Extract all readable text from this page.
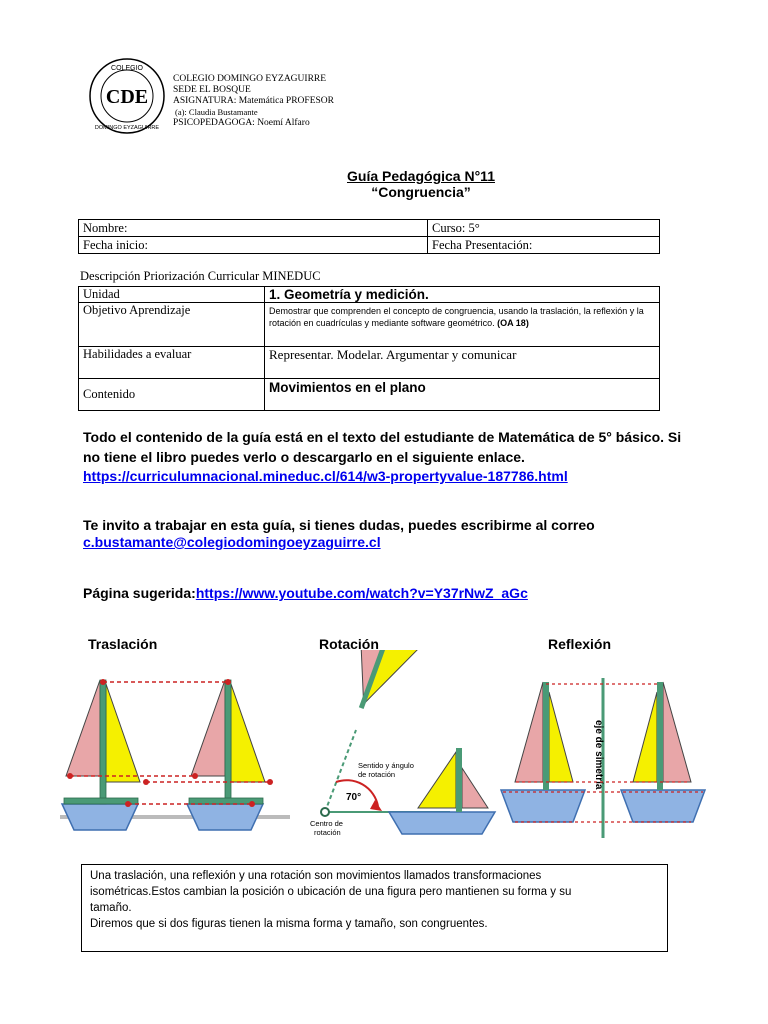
COLEGIO
CDE
DOMINGO EYZAGUIRRE
COLEGIO DOMINGO EYZAGUIRRE
SEDE EL BOSQUE
ASIGNATURA: Matemática PROFESOR
(a): Claudia Bustamante
PSICOPEDAGOGA: Noemí Alfaro
Guía Pedagógica N°11
“Congruencia”
Nombre:	Curso: 5°
Fecha inicio:	Fecha Presentación:
Descripción Priorización Curricular MINEDUC
Unidad	1. Geometría y medición.
Objetivo Aprendizaje	Demostrar que comprenden el concepto de congruencia, usando la traslación, la reflexión y la rotación en cuadrículas y mediante software geométrico. (OA 18)
Habilidades a evaluar	Representar. Modelar. Argumentar y comunicar
Contenido	Movimientos en el plano
Todo el contenido de la guía está en el texto del estudiante de Matemática de 5° básico. Si no tiene el libro puedes verlo o descargarlo en el siguiente enlace. https://curriculumnacional.mineduc.cl/614/w3-propertyvalue-187786.html
Te invito a trabajar en esta guía, si tienes dudas, puedes escribirme al correo
c.bustamante@colegiodomingoeyzaguirre.cl
Página sugerida:https://www.youtube.com/watch?v=Y37rNwZ_aGc
Traslación	Rotación	Reflexión
Sentido y ángulo
de rotación
70°
Centro de
rotación
eje de simetría
Una traslación, una reflexión y una rotación son movimientos llamados transformaciones
isométricas.Estos cambian la posición o ubicación de una figura pero mantienen su forma y su
tamaño.
Diremos que si dos figuras tienen la misma forma y tamaño, son congruentes.
